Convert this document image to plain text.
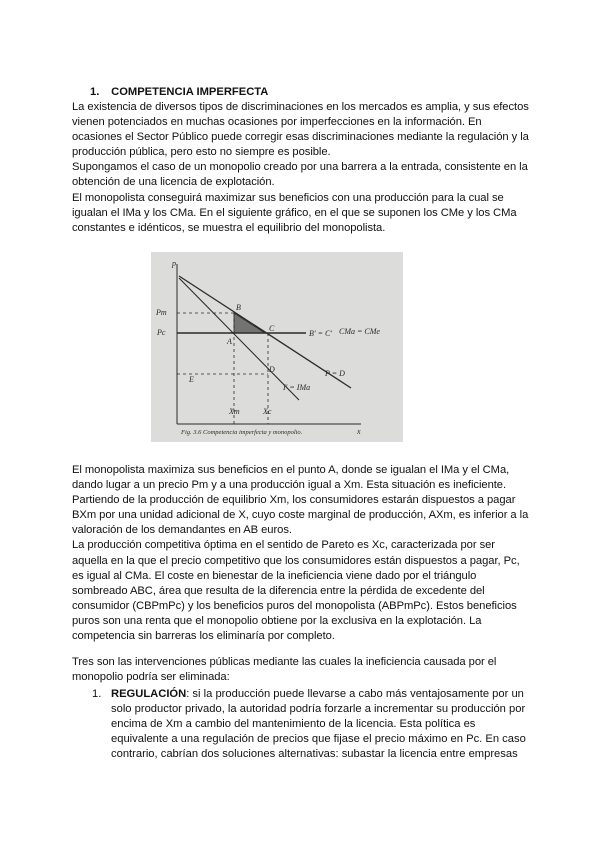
1. COMPETENCIA IMPERFECTA

La existencia de diversos tipos de discriminaciones en los mercados es amplia, y sus efectos vienen potenciados en muchas ocasiones por imperfecciones en la información. En ocasiones el Sector Público puede corregir esas discriminaciones mediante la regulación y la producción pública, pero esto no siempre es posible.

Supongamos el caso de un monopolio creado por una barrera a la entrada, consistente en la obtención de una licencia de explotación.

El monopolista conseguirá maximizar sus beneficios con una producción para la cual se igualan el IMa y los CMa. En el siguiente gráfico, en el que se suponen los CMe y los CMa constantes e idénticos, se muestra el equilibrio del monopolista.

p
x
Pm
Pc
B
A
C
D
E
Xm	Xc
B' = C' CMa = CMe
P = D
I' = IMa
Fig. 3.6 Competencia imperfecta y monopolio.

El monopolista maximiza sus beneficios en el punto A, donde se igualan el IMa y el CMa, dando lugar a un precio Pm y a una producción igual a Xm. Esta situación es ineficiente.

Partiendo de la producción de equilibrio Xm, los consumidores estarán dispuestos a pagar BXm por una unidad adicional de X, cuyo coste marginal de producción, AXm, es inferior a la valoración de los demandantes en AB euros.

La producción competitiva óptima en el sentido de Pareto es Xc, caracterizada por ser aquella en la que el precio competitivo que los consumidores están dispuestos a pagar, Pc, es igual al CMa. El coste en bienestar de la ineficiencia viene dado por el triángulo sombreado ABC, área que resulta de la diferencia entre la pérdida de excedente del consumidor (CBPmPc) y los beneficios puros del monopolista (ABPmPc). Estos beneficios puros son una renta que el monopolio obtiene por la exclusiva en la explotación. La competencia sin barreras los eliminaría por completo.

Tres son las intervenciones públicas mediante las cuales la ineficiencia causada por el monopolio podría ser eliminada:

1. REGULACIÓN: si la producción puede llevarse a cabo más ventajosamente por un solo productor privado, la autoridad podría forzarle a incrementar su producción por encima de Xm a cambio del mantenimiento de la licencia. Esta política es equivalente a una regulación de precios que fijase el precio máximo en Pc. En caso contrario, cabrían dos soluciones alternativas: subastar la licencia entre empresas
